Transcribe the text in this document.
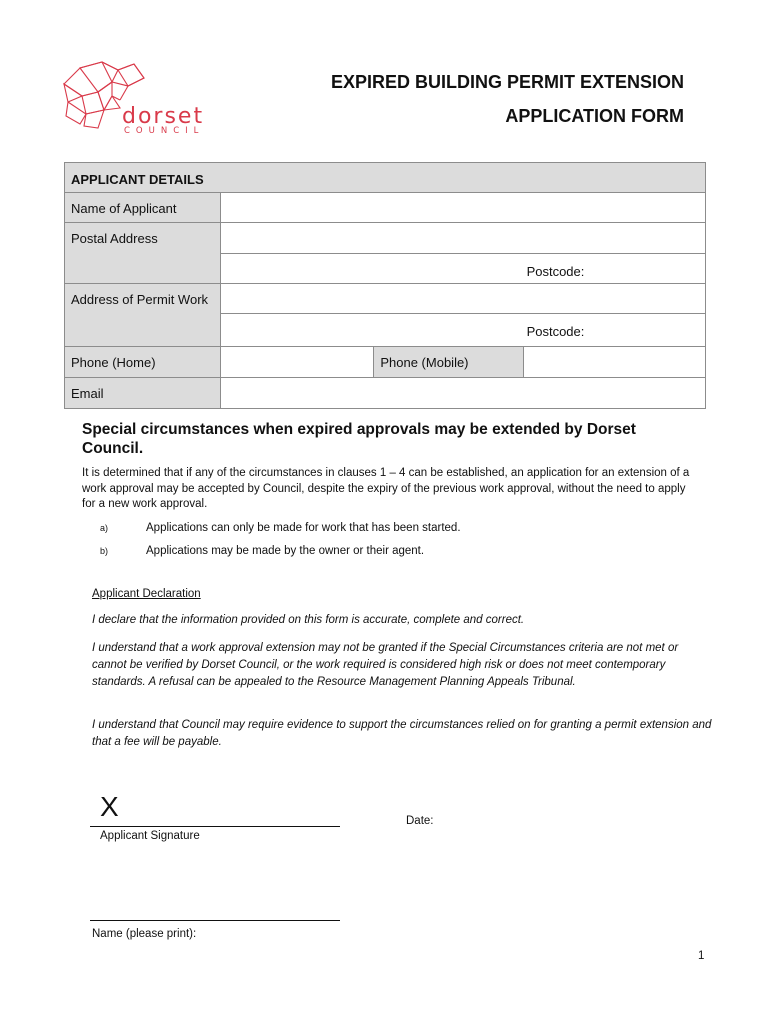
dorset
COUNCIL
EXPIRED BUILDING PERMIT EXTENSION
APPLICATION FORM
APPLICANT DETAILS			
Name of Applicant			
Postal Address			
	Postcode:		
Address of Permit Work			
	Postcode:		
Phone (Home)		Phone (Mobile)	
Email			
Special circumstances when expired approvals may be extended by Dorset Council.
It is determined that if any of the circumstances in clauses 1 – 4 can be established, an application for an extension of a work approval may be accepted by Council, despite the expiry of the previous work approval, without the need to apply for a new work approval.
a)	Applications can only be made for work that has been started.
b)	Applications may be made by the owner or their agent.
Applicant Declaration
I declare that the information provided on this form is accurate, complete and correct.
I understand that a work approval extension may not be granted if the Special Circumstances criteria are not met or cannot be verified by Dorset Council, or the work required is considered high risk or does not meet contemporary standards. A refusal can be appealed to the Resource Management Planning Appeals Tribunal.
I understand that Council may require evidence to support the circumstances relied on for granting a permit extension and that a fee will be payable.
X
Applicant Signature
Date:
Name (please print):
1
